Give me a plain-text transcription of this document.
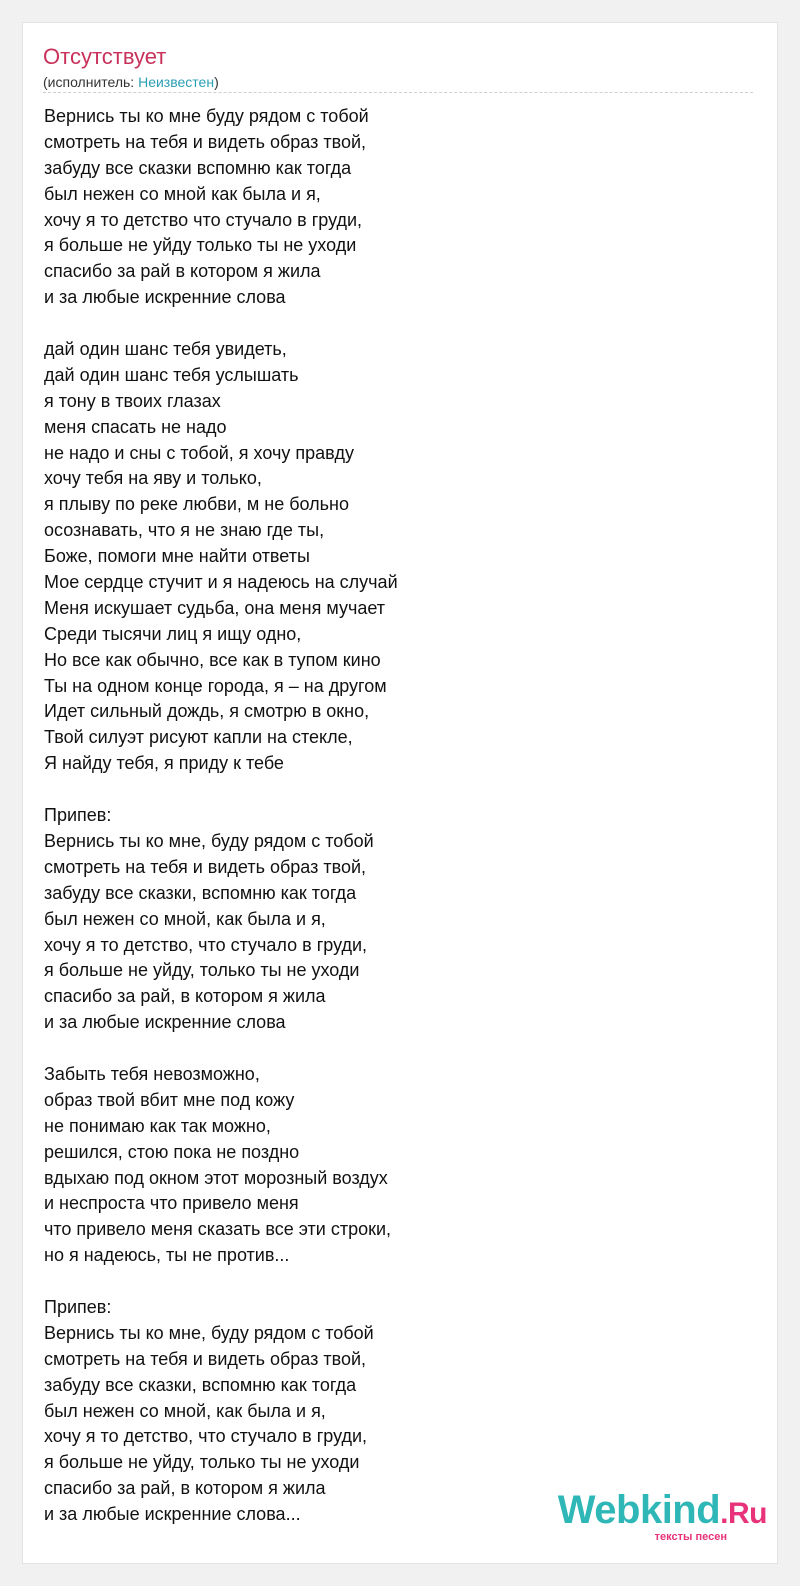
Отсутствует
(исполнитель: Неизвестен)
Вернись ты ко мне буду рядом с тобой
смотреть на тебя и видеть образ твой,
забуду все сказки вспомню как тогда
был нежен со мной как была и я,
хочу я то детство что стучало в груди,
я больше не уйду только ты не уходи
спасибо за рай в котором я жила
и за любые искренние слова
дай один шанс тебя увидеть,
дай один шанс тебя услышать
я тону в твоих глазах
меня спасать не надо
не надо и сны с тобой, я хочу правду
хочу тебя на яву и только,
я плыву по реке любви, м не больно
осознавать, что я не знаю где ты,
Боже, помоги мне найти ответы
Мое сердце стучит и я надеюсь на случай
Меня искушает судьба, она меня мучает
Среди тысячи лиц я ищу одно,
Но все как обычно, все как в тупом кино
Ты на одном конце города, я – на другом
Идет сильный дождь, я смотрю в окно,
Твой силуэт рисуют капли на стекле,
Я найду тебя, я приду к тебе
Припев:
Вернись ты ко мне, буду рядом с тобой
смотреть на тебя и видеть образ твой,
забуду все сказки, вспомню как тогда
был нежен со мной, как была и я,
хочу я то детство, что стучало в груди,
я больше не уйду, только ты не уходи
спасибо за рай, в котором я жила
и за любые искренние слова
Забыть тебя невозможно,
образ твой вбит мне под кожу
не понимаю как так можно,
решился, стою пока не поздно
вдыхаю под окном этот морозный воздух
и неспроста что привело меня
что привело меня сказать все эти строки,
но я надеюсь, ты не против...
Припев:
Вернись ты ко мне, буду рядом с тобой
смотреть на тебя и видеть образ твой,
забуду все сказки, вспомню как тогда
был нежен со мной, как была и я,
хочу я то детство, что стучало в груди,
я больше не уйду, только ты не уходи
спасибо за рай, в котором я жила
и за любые искренние слова...	Webkind.Ru
тексты песен
